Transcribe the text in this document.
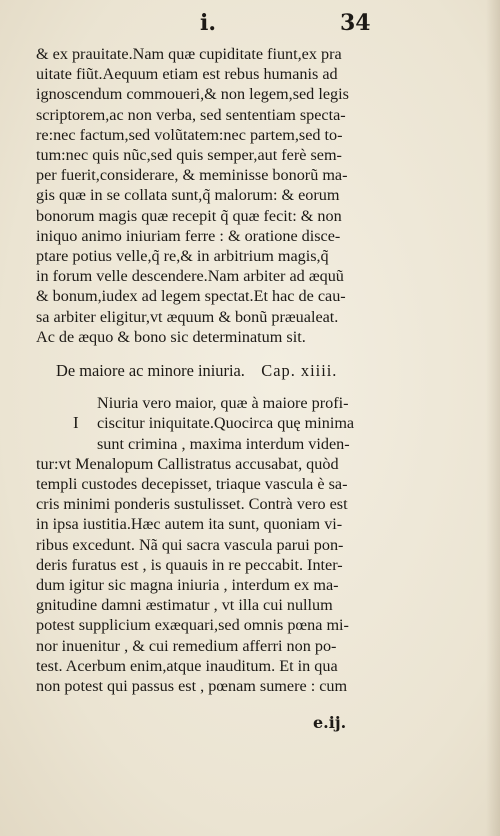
i.	34
& ex prauitate.Nam quæ cupiditate fiunt,ex pra
uitate fiũt.Aequum etiam est rebus humanis ad
ignoscendum commoueri,& non legem,sed legis
scriptorem,ac non verba, sed sententiam specta-
re:nec factum,sed volũtatem:nec partem,sed to-
tum:nec quis nũc,sed quis semper,aut ferè sem-
per fuerit,considerare, & meminisse bonorũ ma-
gis quæ in se collata sunt,q̃ malorum: & eorum
bonorum magis quæ recepit q̃ quæ fecit: & non
iniquo animo iniuriam ferre : & oratione disce-
ptare potius velle,q̃ re,& in arbitrium magis,q̃
in forum velle descendere.Nam arbiter ad æquũ
& bonum,iudex ad legem spectat.Et hac de cau-
sa arbiter eligitur,vt æquum & bonũ præualeat.
Ac de æquo & bono sic determinatum sit.
De maiore ac minore iniuria. Cap. xiiii.
Niuria vero maior, quæ à maiore profi-
I ciscitur iniquitate.Quocirca quę minima
sunt crimina , maxima interdum viden-
tur:vt Menalopum Callistratus accusabat, quòd
templi custodes decepisset, triaque vascula è sa-
cris minimi ponderis sustulisset. Contrà vero est
in ipsa iustitia.Hæc autem ita sunt, quoniam vi-
ribus excedunt. Nã qui sacra vascula parui pon-
deris furatus est , is quauis in re peccabit. Inter-
dum igitur sic magna iniuria , interdum ex ma-
gnitudine damni æstimatur , vt illa cui nullum
potest supplicium exæquari,sed omnis pœna mi-
nor inuenitur , & cui remedium afferri non po-
test. Acerbum enim,atque inauditum. Et in qua
non potest qui passus est , pœnam sumere : cum
e.ij.
